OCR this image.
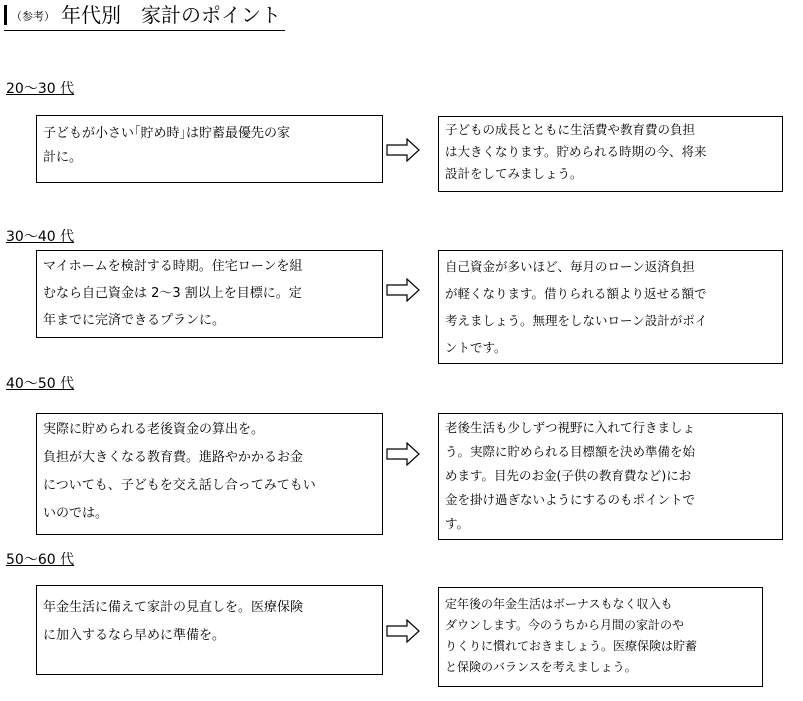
（参考） 年代別　家計のポイント
20〜30 代
子どもが小さい｢貯め時｣は貯蓄最優先の家
計に。
子どもの成長とともに生活費や教育費の負担
は大きくなります。貯められる時期の今、将来
設計をしてみましょう。
30〜40 代
マイホームを検討する時期。住宅ローンを組
むなら自己資金は 2〜3 割以上を目標に。定
年までに完済できるプランに。
自己資金が多いほど、毎月のローン返済負担
が軽くなります。借りられる額より返せる額で
考えましょう。無理をしないローン設計がポイ
ントです。
40〜50 代
実際に貯められる老後資金の算出を。
負担が大きくなる教育費。進路やかかるお金
についても、子どもを交え話し合ってみてもい
いのでは。
老後生活も少しずつ視野に入れて行きましょ
う。実際に貯められる目標額を決め準備を始
めます。目先のお金(子供の教育費など)にお
金を掛け過ぎないようにするのもポイントで
す。
50〜60 代
年金生活に備えて家計の見直しを。医療保険
に加入するなら早めに準備を。
定年後の年金生活はボーナスもなく収入も
ダウンします。今のうちから月間の家計のや
りくりに慣れておきましょう。医療保険は貯蓄
と保険のバランスを考えましょう。
